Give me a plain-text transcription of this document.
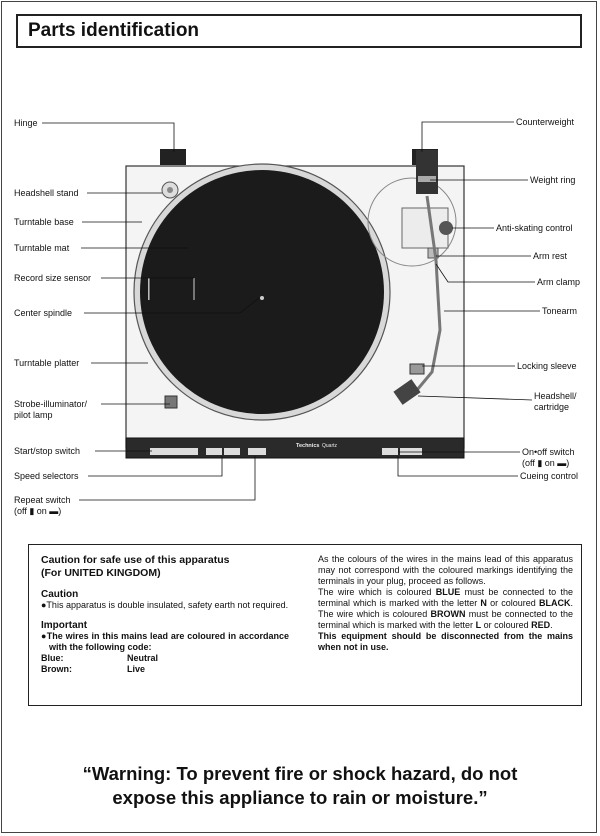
Parts identification
Technics Quartz
Hinge
Headshell stand
Turntable base
Turntable mat
Record size sensor
Center spindle
Turntable platter
Strobe-illuminator/
pilot lamp
Start/stop switch
Speed selectors
Repeat switch
(off ▮ on ▬)
Counterweight
Weight ring
Anti-skating control
Arm rest
Arm clamp
Tonearm
Locking sleeve
Headshell/
cartridge
On•off switch
(off ▮ on ▬)
Cueing control
Caution for safe use of this apparatus
(For UNITED KINGDOM)
Caution
●This apparatus is double insulated, safety earth not required.
Important
●The wires in this mains lead are coloured in accordance with the following code:
Blue:	Neutral
Brown:	Live
As the colours of the wires in the mains lead of this apparatus may not correspond with the coloured markings identifying the terminals in your plug, proceed as follows.
The wire which is coloured BLUE must be connected to the terminal which is marked with the letter N or coloured BLACK. The wire which is coloured BROWN must be connected to the terminal which is marked with the letter L or coloured RED.
This equipment should be disconnected from the mains when not in use.
“Warning: To prevent fire or shock hazard, do not
expose this appliance to rain or moisture.”
